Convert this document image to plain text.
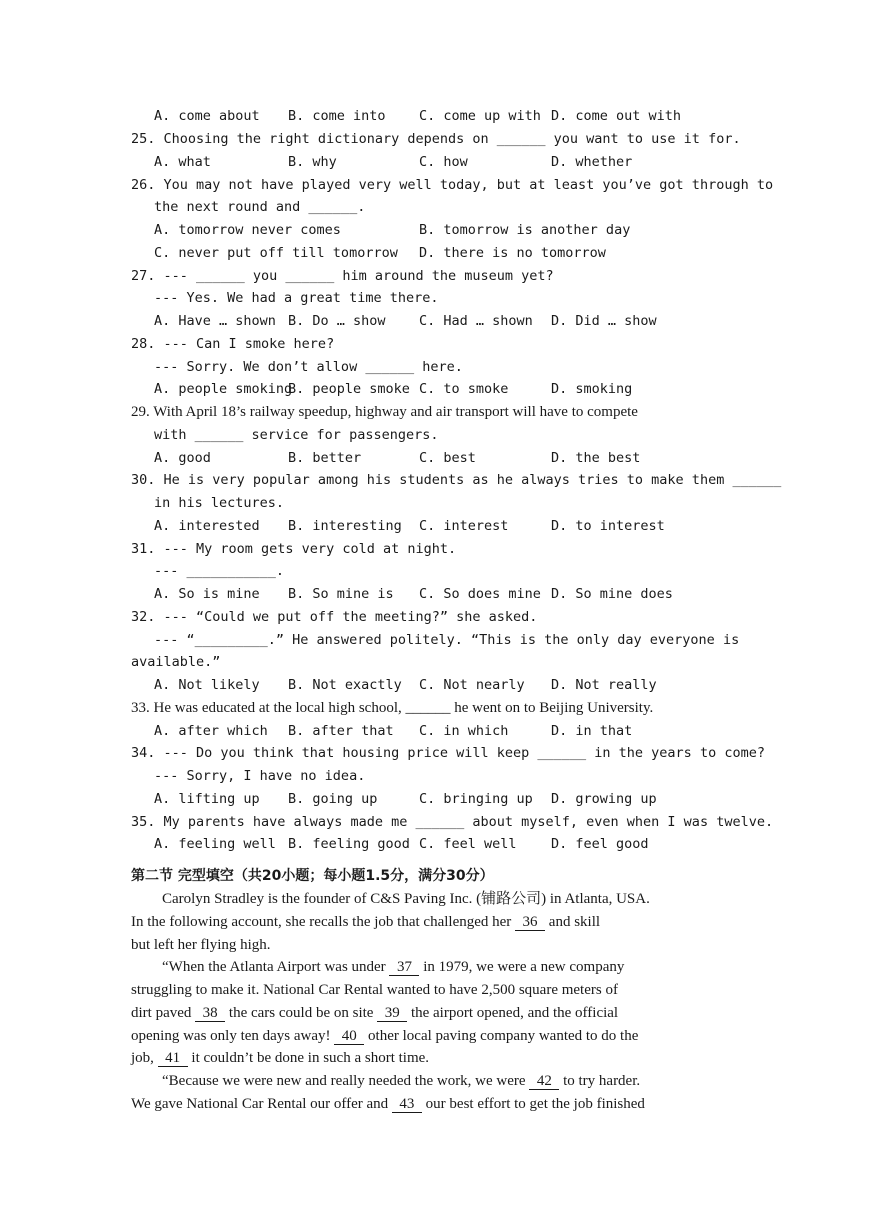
A. come about B. come into C. come up with D. come out with
25. Choosing the right dictionary depends on ______ you want to use it for.
A. what	B. why	C. how	D. whether
26. You may not have played very well today, but at least you’ve got through to
the next round and ______.
A. tomorrow never comes	B. tomorrow is another day
C. never put off till tomorrow D. there is no tomorrow
27. --- ______ you ______ him around the museum yet?
--- Yes. We had a great time there.
A. Have … shown B. Do … show C. Had … shown D. Did … show
28. --- Can I smoke here?
--- Sorry. We don’t allow ______ here.
A. people smoking
B. people smoke C. to smoke	D. smoking
29. With April 18’s railway speedup, highway and air transport will have to compete
with ______ service for passengers.
A. good	B. better	C. best	D. the best
30. He is very popular among his students as he always tries to make them ______
in his lectures.
A. interested B. interesting C. interest	D. to interest
31. --- My room gets very cold at night.
--- ___________.
A. So is mine B. So mine is C. So does mine D. So mine does
32. --- “Could we put off the meeting?” she asked.
--- “_________.” He answered politely. “This is the only day everyone is
available.”
A. Not likely B. Not exactly C. Not nearly D. Not really
33. He was educated at the local high school, ______ he went on to Beijing University.
A. after which B. after that C. in which	D. in that
34. --- Do you think that housing price will keep ______ in the years to come?
--- Sorry, I have no idea.
A. lifting up B. going up	C. bringing up D. growing up
35. My parents have always made me ______ about myself, even when I was twelve.
A. feeling well B. feeling good C. feel well	D. feel good
第二节 完型填空（共20小题；每小题1.5分，满分30分）
Carolyn Stradley is the founder of C&S Paving Inc. (铺路公司) in Atlanta, USA.
In the following account, she recalls the job that challenged her 36 and skill
but left her flying high.
“When the Atlanta Airport was under 37 in 1979, we were a new company
struggling to make it. National Car Rental wanted to have 2,500 square meters of
dirt paved 38 the cars could be on site 39 the airport opened, and the official
opening was only ten days away! 40 other local paving company wanted to do the
job, 41 it couldn’t be done in such a short time.
“Because we were new and really needed the work, we were 42 to try harder.
We gave National Car Rental our offer and 43 our best effort to get the job finished
